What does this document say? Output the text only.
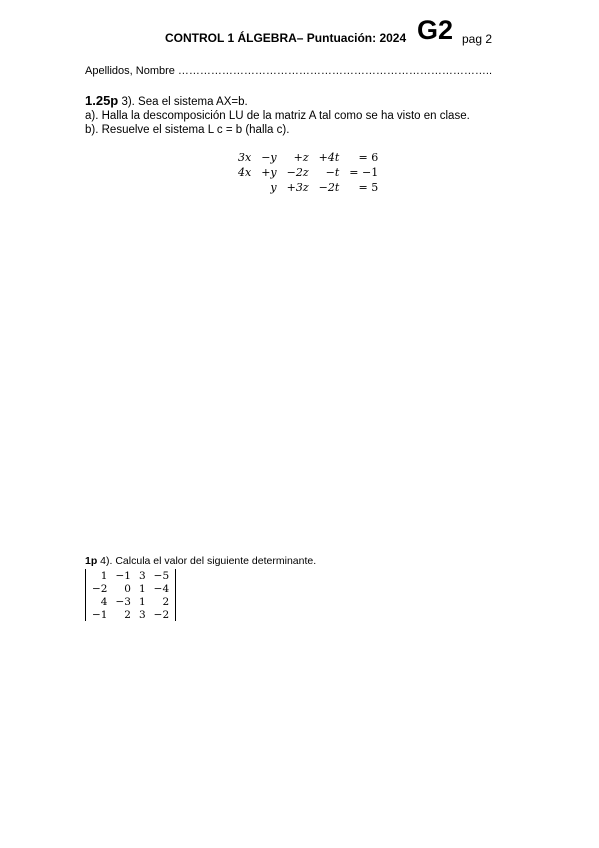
CONTROL 1 ÁLGEBRA– Puntuación: 2024 G2 pag 2
Apellidos, Nombre …………………………………………………………………………..
1.25p 3). Sea el sistema AX=b.
a). Halla la descomposición LU de la matriz A tal como se ha visto en clase.
b). Resuelve el sistema L c = b (halla c).
3x	−y	+z	+4t	= 6
4x	+y	−2z	−t	= −1
	y	+3z	−2t	= 5
1p 4). Calcula el valor del siguiente determinante.
1	−1	3	−5
−2	0	1	−4
4	−3	1	2
−1	2	3	−2
